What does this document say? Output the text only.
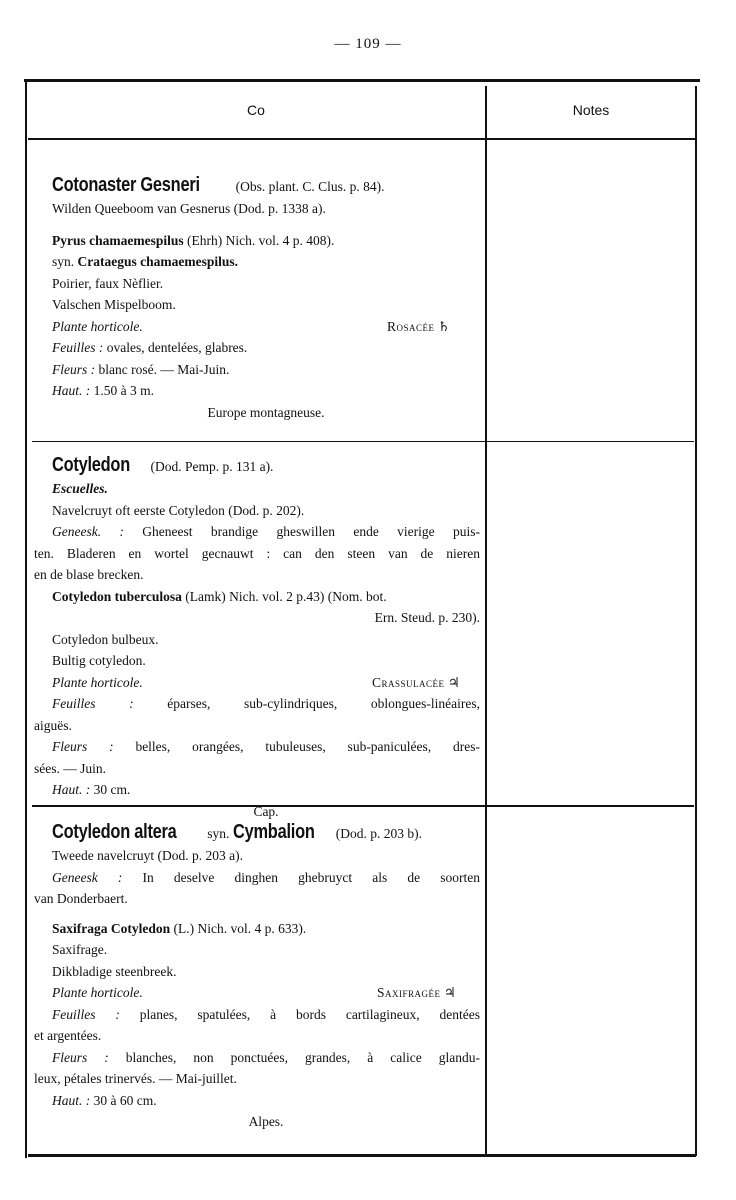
— 109 —
Co	Notes
Cotonaster Gesneri (Obs. plant. C. Clus. p. 84).
Wilden Queeboom van Gesnerus (Dod. p. 1338 a).
Pyrus chamaemespilus (Ehrh) Nich. vol. 4 p. 408).
syn. Crataegus chamaemespilus.
Poirier, faux Nèflier.
Valschen Mispelboom.
Plante horticole.	Rosacée ♄
Feuilles : ovales, dentelées, glabres.
Fleurs : blanc rosé. — Mai-Juin.
Haut. : 1.50 à 3 m.
Europe montagneuse.
Cotyledon (Dod. Pemp. p. 131 a).
Escuelles.
Navelcruyt oft eerste Cotyledon (Dod. p. 202).
Geneesk. : Gheneest brandige gheswillen ende vierige puis-
ten. Bladeren en wortel gecnauwt : can den steen van de nieren
en de blase brecken.
Cotyledon tuberculosa (Lamk) Nich. vol. 2 p.43) (Nom. bot.
Ern. Steud. p. 230).
Cotyledon bulbeux.
Bultig cotyledon.
Plante horticole.	Crassulacée ♃
Feuilles : éparses, sub-cylindriques, oblongues-linéaires,
aiguës.
Fleurs : belles, orangées, tubuleuses, sub-paniculées, dres-
sées. — Juin.
Haut. : 30 cm.
Cap.
Cotyledon altera syn. Cymbalion (Dod. p. 203 b).
Tweede navelcruyt (Dod. p. 203 a).
Geneesk : In deselve dinghen ghebruyct als de soorten
van Donderbaert.
Saxifraga Cotyledon (L.) Nich. vol. 4 p. 633).
Saxifrage.
Dikbladige steenbreek.
Plante horticole.	Saxifragée ♃
Feuilles : planes, spatulées, à bords cartilagineux, dentées
et argentées.
Fleurs : blanches, non ponctuées, grandes, à calice glandu-
leux, pétales trinervés. — Mai-juillet.
Haut. : 30 à 60 cm.
Alpes.
